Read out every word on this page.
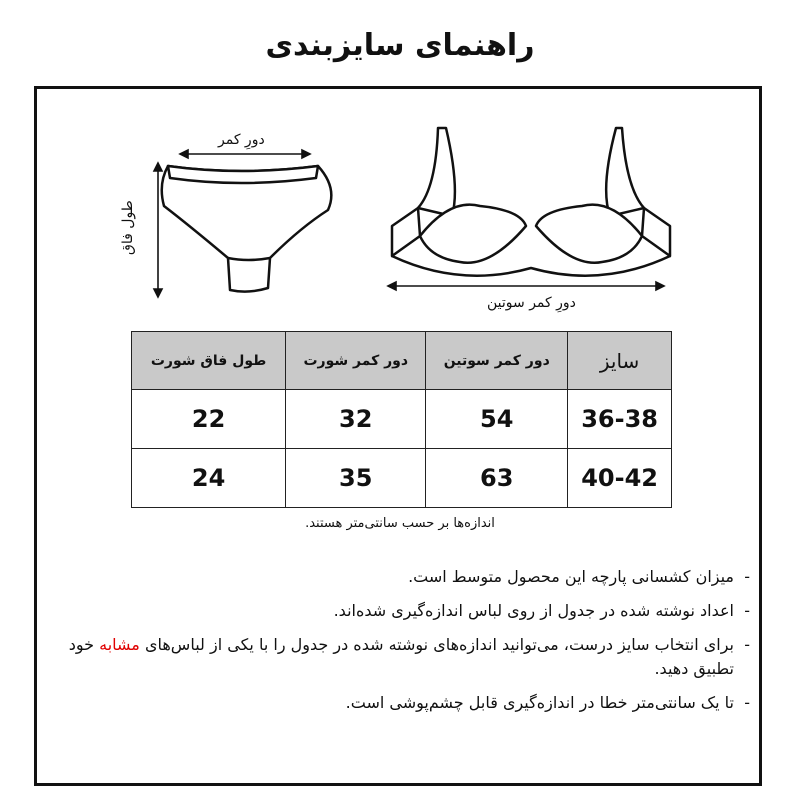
راهنمای سایزبندی
دورِ کمر
طول فاق
دورِ کمر سوتین
سایز	دور کمر سوتین	دور کمر شورت	طول فاق شورت
36-38	54	32	22
40-42	63	35	24
اندازه‌ها بر حسب سانتی‌متر هستند.
-
میزان کشسانی پارچه این محصول متوسط است.
-
اعداد نوشته شده در جدول از روی لباس اندازه‌گیری شده‌اند.
-
برای انتخاب سایز درست، می‌توانید اندازه‌های نوشته شده در جدول را با یکی از لباس‌های مشابه خود تطبیق دهید.
-
تا یک سانتی‌متر خطا در اندازه‌گیری قابل چشم‌پوشی است.
